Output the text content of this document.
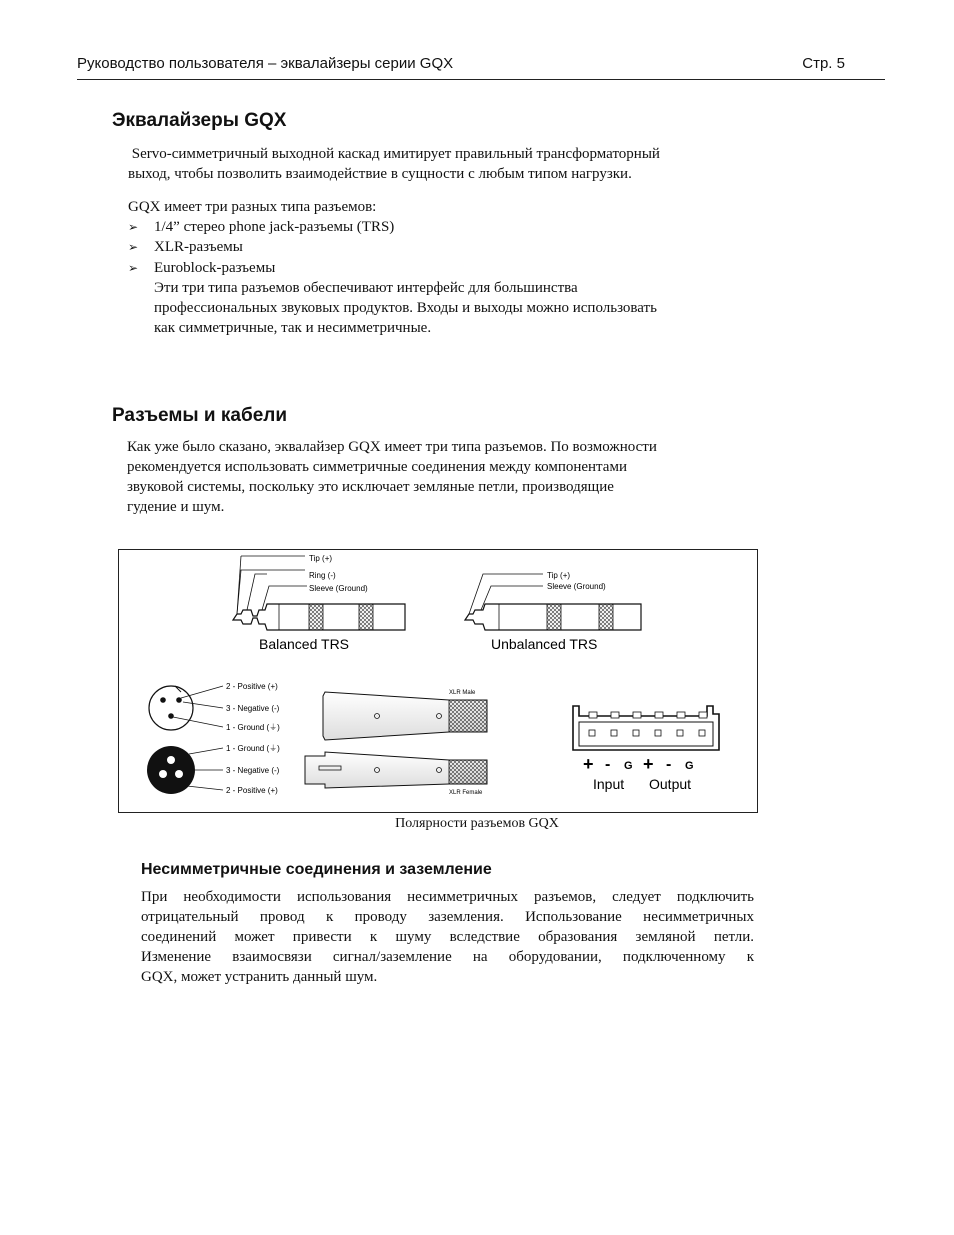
Руководство пользователя – эквалайзеры серии GQX	Стр. 5
Эквалайзеры GQX
Servo-симметричный выходной каскад имитирует правильный трансформаторный
выход, чтобы позволить взаимодействие в сущности с любым типом нагрузки.
GQX имеет три разных типа разъемов:
➢ 1/4” стерео phone jack-разъемы (TRS)
➢ XLR-разъемы
➢ Euroblock-разъемы
Эти три типа разъемов обеспечивают интерфейс для большинства
профессиональных звуковых продуктов. Входы и выходы можно использовать
как симметричные, так и несимметричные.
Разъемы и кабели
Как уже было сказано, эквалайзер GQX имеет три типа разъемов. По возможности
рекомендуется использовать симметричные соединения между компонентами
звуковой системы, поскольку это исключает земляные петли, производящие
гудение и шум.
Tip (+)
Ring (-)
Sleeve (Ground)
Balanced TRS
Tip (+)
Sleeve (Ground)
Unbalanced TRS
2 - Positive (+)
3 - Negative (-)
1 - Ground (⏚)
1 - Ground (⏚)
3 - Negative (-)
2 - Positive (+)
XLR Male
XLR Female
+ - G + - G
Input Output
Полярности разъемов GQX
Несимметричные соединения и заземление
При необходимости использования несимметричных разъемов, следует подключить
отрицательный провод к проводу заземления. Использование несимметричных
соединений может привести к шуму вследствие образования земляной петли.
Изменение взаимосвязи сигнал/заземление на оборудовании, подключенному к
GQX, может устранить данный шум.
